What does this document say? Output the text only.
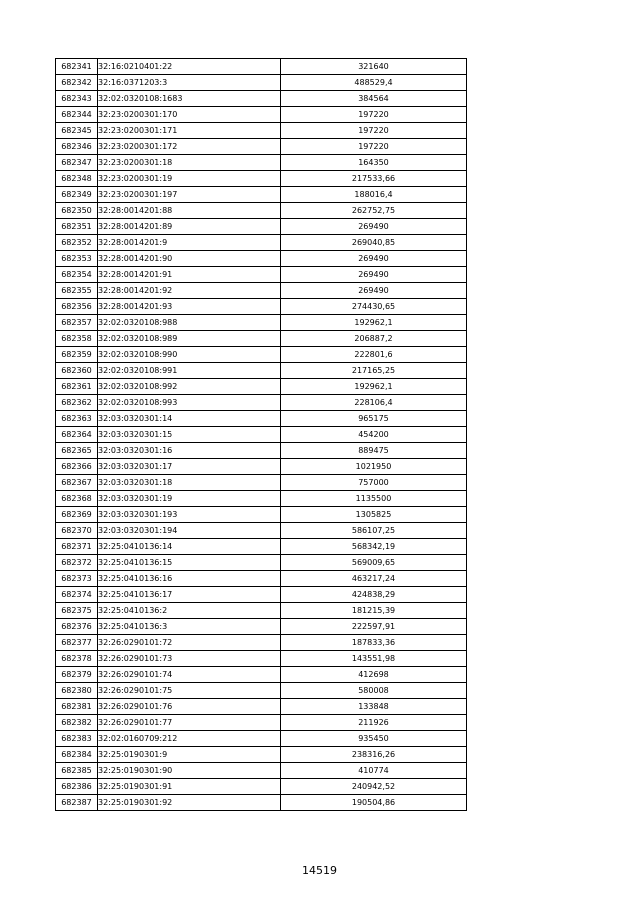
682341	32:16:0210401:22	321640
682342	32:16:0371203:3	488529,4
682343	32:02:0320108:1683	384564
682344	32:23:0200301:170	197220
682345	32:23:0200301:171	197220
682346	32:23:0200301:172	197220
682347	32:23:0200301:18	164350
682348	32:23:0200301:19	217533,66
682349	32:23:0200301:197	188016,4
682350	32:28:0014201:88	262752,75
682351	32:28:0014201:89	269490
682352	32:28:0014201:9	269040,85
682353	32:28:0014201:90	269490
682354	32:28:0014201:91	269490
682355	32:28:0014201:92	269490
682356	32:28:0014201:93	274430,65
682357	32:02:0320108:988	192962,1
682358	32:02:0320108:989	206887,2
682359	32:02:0320108:990	222801,6
682360	32:02:0320108:991	217165,25
682361	32:02:0320108:992	192962,1
682362	32:02:0320108:993	228106,4
682363	32:03:0320301:14	965175
682364	32:03:0320301:15	454200
682365	32:03:0320301:16	889475
682366	32:03:0320301:17	1021950
682367	32:03:0320301:18	757000
682368	32:03:0320301:19	1135500
682369	32:03:0320301:193	1305825
682370	32:03:0320301:194	586107,25
682371	32:25:0410136:14	568342,19
682372	32:25:0410136:15	569009,65
682373	32:25:0410136:16	463217,24
682374	32:25:0410136:17	424838,29
682375	32:25:0410136:2	181215,39
682376	32:25:0410136:3	222597,91
682377	32:26:0290101:72	187833,36
682378	32:26:0290101:73	143551,98
682379	32:26:0290101:74	412698
682380	32:26:0290101:75	580008
682381	32:26:0290101:76	133848
682382	32:26:0290101:77	211926
682383	32:02:0160709:212	935450
682384	32:25:0190301:9	238316,26
682385	32:25:0190301:90	410774
682386	32:25:0190301:91	240942,52
682387	32:25:0190301:92	190504,86
14519
